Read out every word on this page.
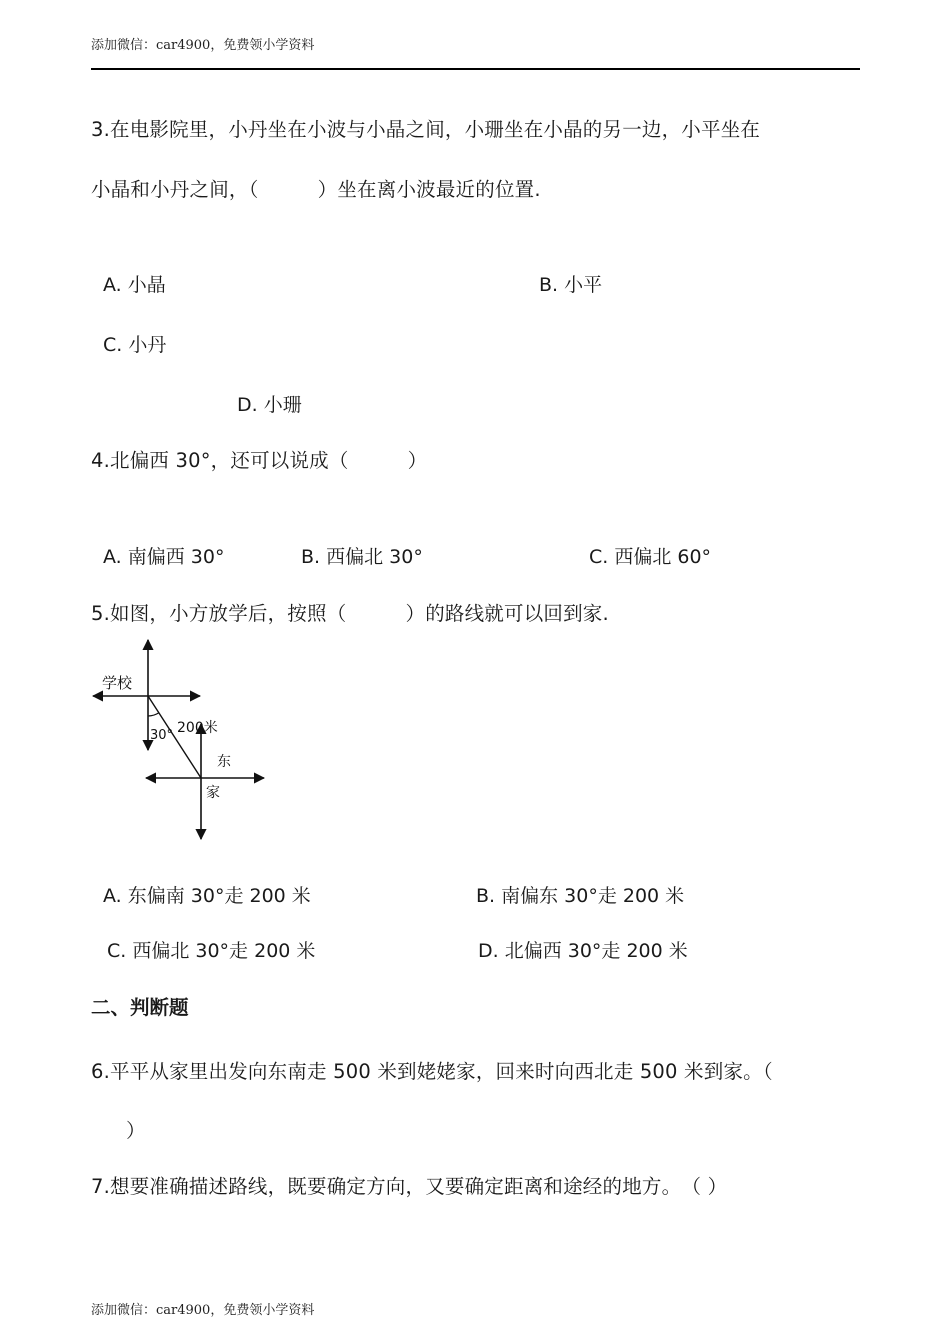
添加微信：car4900，免费领小学资料
3.在电影院里，小丹坐在小波与小晶之间，小珊坐在小晶的另一边，小平坐在
小晶和小丹之间，（　　　）坐在离小波最近的位置.
A. 小晶	B. 小平
C. 小丹
D. 小珊
4.北偏西 30°，还可以说成（　　　）
A. 南偏西 30°	B. 西偏北 30°	C. 西偏北 60°
5.如图，小方放学后，按照（　　　）的路线就可以回到家.
学校
30° 200米
东
家
A. 东偏南 30°走 200 米	B. 南偏东 30°走 200 米
C. 西偏北 30°走 200 米	D. 北偏西 30°走 200 米
二、判断题
6.平平从家里出发向东南走 500 米到姥姥家，回来时向西北走 500 米到家。（
）
7.想要准确描述路线，既要确定方向，又要确定距离和途经的地方。　（ ）
添加微信：car4900，免费领小学资料
